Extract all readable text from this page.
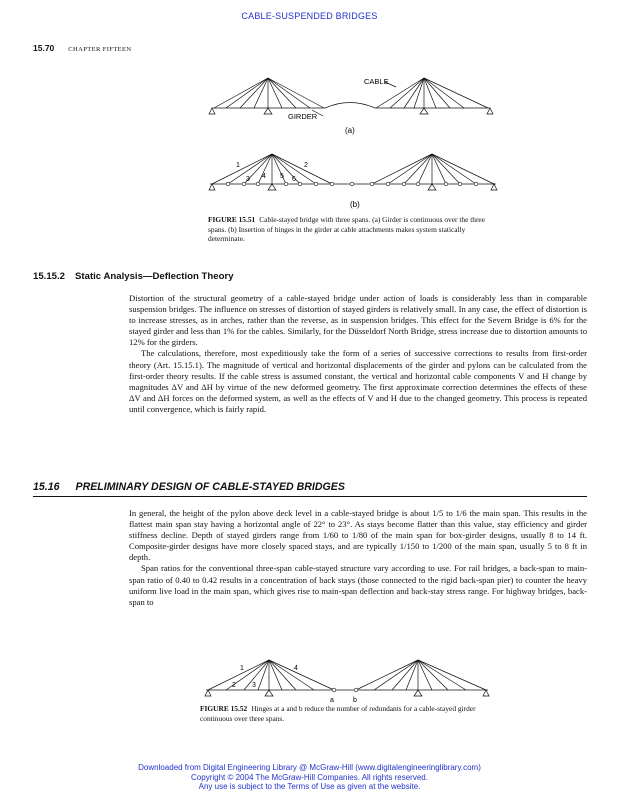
CABLE-SUSPENDED BRIDGES
15.70 CHAPTER FIFTEEN
CABLE
GIRDER
(a)
1	2
3 4 5 6
(b)
FIGURE 15.51 Cable-stayed bridge with three spans. (a) Girder is continuous over the three spans. (b) Insertion of hinges in the girder at cable attachments makes system statically determinate.
15.15.2 Static Analysis—Deflection Theory

Distortion of the structural geometry of a cable-stayed bridge under action of loads is considerably less than in comparable suspension bridges. The influence on stresses of distortion of stayed girders is relatively small. In any case, the effect of distortion is to increase stresses, as in arches, rather than the reverse, as in suspension bridges. This effect for the Severn Bridge is 6% for the stayed girder and less than 1% for the cables. Similarly, for the Düsseldorf North Bridge, stress increase due to distortion amounts to 12% for the girders.

The calculations, therefore, most expeditiously take the form of a series of successive corrections to results from first-order theory (Art. 15.15.1). The magnitude of vertical and horizontal displacements of the girder and pylons can be calculated from the first-order theory results. If the cable stress is assumed constant, the vertical and horizontal cable components V and H change by magnitudes ΔV and ΔH by virtue of the new deformed geometry. The first approximate correction determines the effects of these ΔV and ΔH forces on the deformed system, as well as the effects of V and H due to the changed geometry. This process is repeated until convergence, which is fairly rapid.

15.16 PRELIMINARY DESIGN OF CABLE-STAYED BRIDGES

In general, the height of the pylon above deck level in a cable-stayed bridge is about 1/5 to 1/6 the main span. This results in the flattest main span stay having a horizontal angle of 22° to 23°. As stays become flatter than this value, stay efficiency and girder stiffness decline. Depth of stayed girders range from 1/60 to 1/80 of the main span for box-girder designs, usually 8 to 14 ft. Composite-girder designs have more closely spaced stays, and are typically 1/150 to 1/200 of the main span, usually 5 to 8 ft in depth.

Span ratios for the conventional three-span cable-stayed structure vary according to use. For rail bridges, a back-span to main-span ratio of 0.40 to 0.42 results in a concentration of back stays (those connected to the rigid back-span pier) to counter the heavy uniform live load in the main span, which gives rise to main-span deflection and back-stay stress range. For highway bridges, back-span to

1
2 3
4
a	b
FIGURE 15.52 Hinges at a and b reduce the number of redundants for a cable-stayed girder continuous over three spans.
Downloaded from Digital Engineering Library @ McGraw-Hill (www.digitalengineeringlibrary.com)
Copyright © 2004 The McGraw-Hill Companies. All rights reserved.
Any use is subject to the Terms of Use as given at the website.
